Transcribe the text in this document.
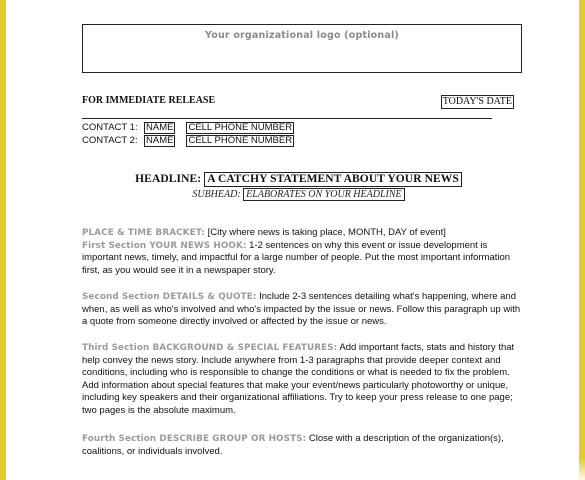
Your organizational logo (optional)
FOR IMMEDIATE RELEASE	TODAY'S DATE
CONTACT 1: NAME CELL PHONE NUMBER
CONTACT 2: NAME CELL PHONE NUMBER
HEADLINE: A CATCHY STATEMENT ABOUT YOUR NEWS
SUBHEAD: ELABORATES ON YOUR HEADLINE
PLACE & TIME BRACKET: [City where news is taking place, MONTH, DAY of event]
First Section YOUR NEWS HOOK: 1-2 sentences on why this event or issue development is important news, timely, and impactful for a large number of people. Put the most important information first, as you would see it in a newspaper story.
Second Section DETAILS & QUOTE: Include 2-3 sentences detailing what's happening, where and when, as well as who's involved and who's impacted by the issue or news. Follow this paragraph up with a quote from someone directly involved or affected by the issue or news.
Third Section BACKGROUND & SPECIAL FEATURES: Add important facts, stats and history that help convey the news story. Include anywhere from 1-3 paragraphs that provide deeper context and conditions, including who is responsible to change the conditions or what is needed to fix the problem. Add information about special features that make your event/news particularly photoworthy or unique, including key speakers and their organizational affiliations. Try to keep your press release to one page; two pages is the absolute maximum.
Fourth Section DESCRIBE GROUP OR HOSTS: Close with a description of the organization(s), coalitions, or individuals involved.
